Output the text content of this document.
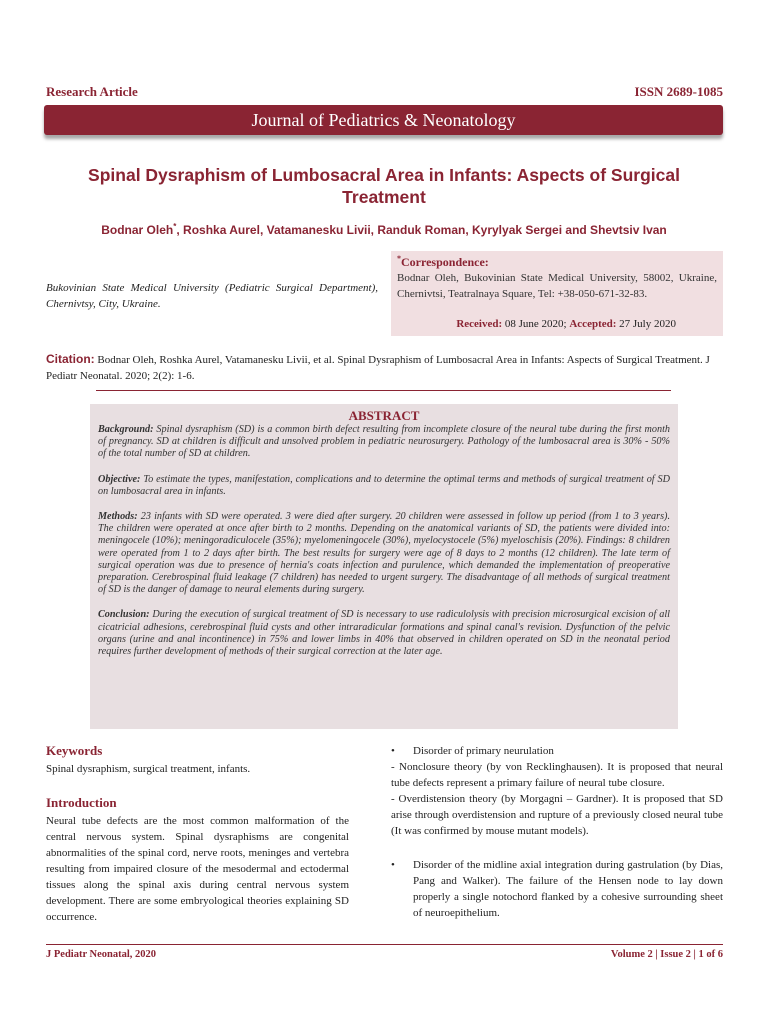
Research Article	ISSN 2689-1085
Journal of Pediatrics & Neonatology
Spinal Dysraphism of Lumbosacral Area in Infants: Aspects of Surgical Treatment
Bodnar Oleh*, Roshka Aurel, Vatamanesku Livii, Randuk Roman, Kyrylyak Sergei and Shevtsiv Ivan
Bukovinian State Medical University (Pediatric Surgical Department), Chernivtsy, City, Ukraine.
*Correspondence:
Bodnar Oleh, Bukovinian State Medical University, 58002, Ukraine, Chernivtsi, Teatralnaya Square, Tel: +38-050-671-32-83.
Received: 08 June 2020; Accepted: 27 July 2020
Citation: Bodnar Oleh, Roshka Aurel, Vatamanesku Livii, et al. Spinal Dysraphism of Lumbosacral Area in Infants: Aspects of Surgical Treatment. J Pediatr Neonatal. 2020; 2(2): 1-6.
ABSTRACT

Background: Spinal dysraphism (SD) is a common birth defect resulting from incomplete closure of the neural tube during the first month of pregnancy. SD at children is difficult and unsolved problem in pediatric neurosurgery. Pathology of the lumbosacral area is 30% - 50% of the total number of SD at children.

Objective: To estimate the types, manifestation, complications and to determine the optimal terms and methods of surgical treatment of SD on lumbosacral area in infants.

Methods: 23 infants with SD were operated. 3 were died after surgery. 20 children were assessed in follow up period (from 1 to 3 years). The children were operated at once after birth to 2 months. Depending on the anatomical variants of SD, the patients were divided into: meningocele (10%); meningoradiculocele (35%); myelomeningocele (30%), myelocystocele (5%) myeloschisis (20%). Findings: 8 children were operated from 1 to 2 days after birth. The best results for surgery were age of 8 days to 2 months (12 children). The late term of surgical operation was due to presence of hernia's coats infection and purulence, which demanded the implementation of preoperative preparation. Cerebrospinal fluid leakage (7 children) has needed to urgent surgery. The disadvantage of all methods of surgical treatment of SD is the danger of damage to neural elements during surgery.

Conclusion: During the execution of surgical treatment of SD is necessary to use radiculolysis with precision microsurgical excision of all cicatricial adhesions, cerebrospinal fluid cysts and other intraradicular formations and spinal canal's revision. Dysfunction of the pelvic organs (urine and anal incontinence) in 75% and lower limbs in 40% that observed in children operated on SD in the neonatal period requires further development of methods of their surgical correction at the later age.

Keywords
Spinal dysraphism, surgical treatment, infants.
Introduction
Neural tube defects are the most common malformation of the central nervous system. Spinal dysraphisms are congenital abnormalities of the spinal cord, nerve roots, meninges and vertebra resulting from impaired closure of the mesodermal and ectodermal tissues along the spinal axis during central nervous system development. There are some embryological theories explaining SD occurrence.
• Disorder of primary neurulation
- Nonclosure theory (by von Recklinghausen). It is proposed that neural tube defects represent a primary failure of neural tube closure.
- Overdistension theory (by Morgagni – Gardner). It is proposed that SD arise through overdistension and rupture of a previously closed neural tube (It was confirmed by mouse mutant models).
• Disorder of the midline axial integration during gastrulation (by Dias, Pang and Walker). The failure of the Hensen node to lay down properly a single notochord flanked by a cohesive surrounding sheet of neuroepithelium.
J Pediatr Neonatal, 2020	Volume 2 | Issue 2 | 1 of 6
